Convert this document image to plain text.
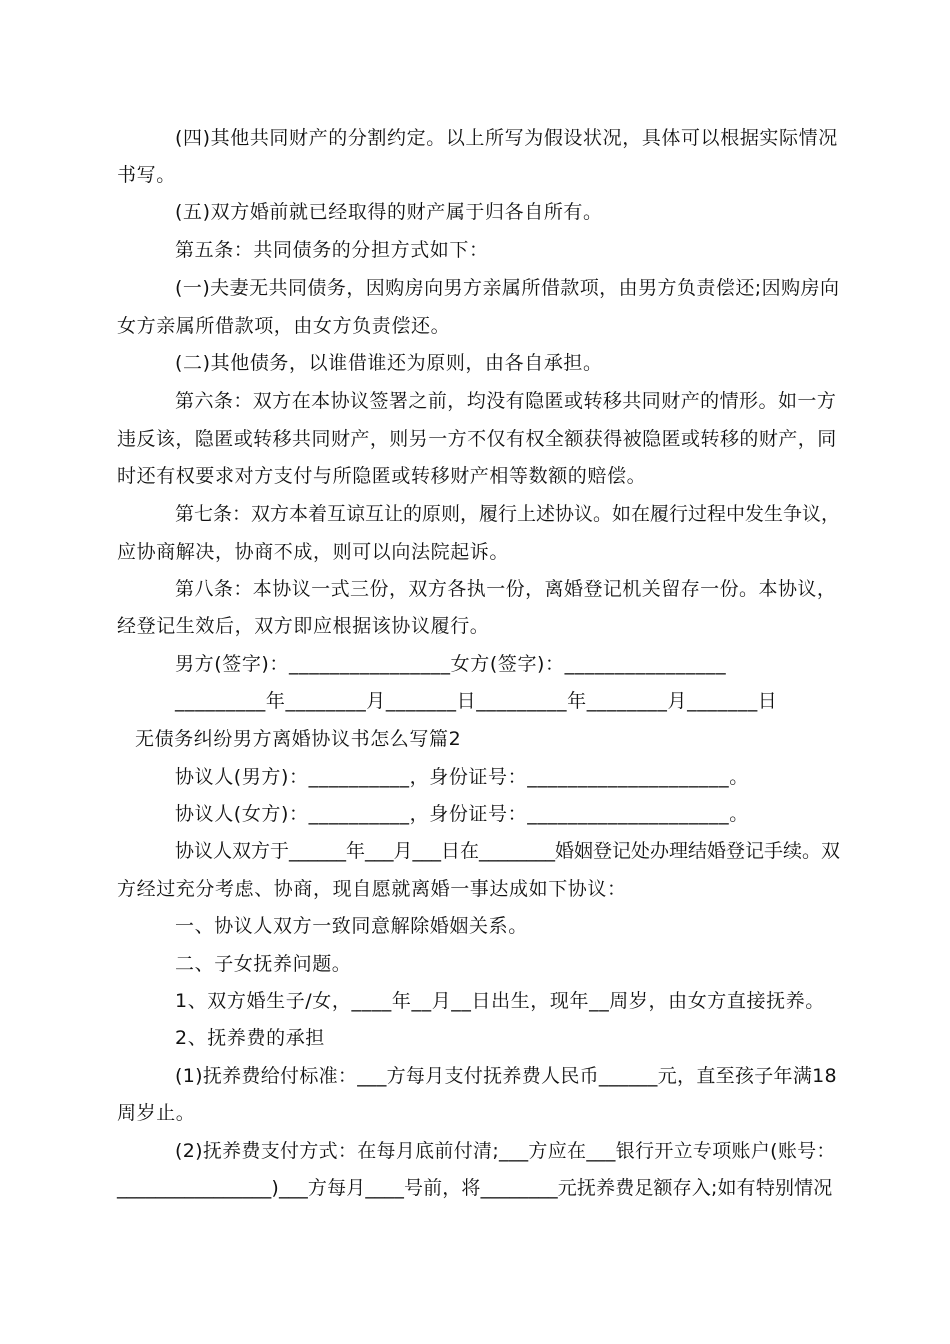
(四)其他共同财产的分割约定。以上所写为假设状况，具体可以根据实际情况

书写。

(五)双方婚前就已经取得的财产属于归各自所有。

第五条：共同债务的分担方式如下：

(一)夫妻无共同债务，因购房向男方亲属所借款项，由男方负责偿还;因购房向

女方亲属所借款项，由女方负责偿还。

(二)其他债务，以谁借谁还为原则，由各自承担。

第六条：双方在本协议签署之前，均没有隐匿或转移共同财产的情形。如一方

违反该，隐匿或转移共同财产，则另一方不仅有权全额获得被隐匿或转移的财产，同

时还有权要求对方支付与所隐匿或转移财产相等数额的赔偿。

第七条：双方本着互谅互让的原则，履行上述协议。如在履行过程中发生争议，

应协商解决，协商不成，则可以向法院起诉。

第八条：本协议一式三份，双方各执一份，离婚登记机关留存一份。本协议，

经登记生效后，双方即应根据该协议履行。

男方(签字)：________________女方(签字)：________________

_________年________月_______日_________年________月_______日

无债务纠纷男方离婚协议书怎么写篇2

协议人(男方)：__________，身份证号：____________________。

协议人(女方)：__________，身份证号：____________________。

协议人双方于______年___月___日在________婚姻登记处办理结婚登记手续。双

方经过充分考虑、协商，现自愿就离婚一事达成如下协议：

一、协议人双方一致同意解除婚姻关系。

二、子女抚养问题。

1、双方婚生子/女，____年__月__日出生，现年__周岁，由女方直接抚养。

2、抚养费的承担

(1)抚养费给付标准：___方每月支付抚养费人民币______元，直至孩子年满18

周岁止。

(2)抚养费支付方式：在每月底前付清;___方应在___银行开立专项账户(账号：

________________)___方每月____号前，将________元抚养费足额存入;如有特别情况
